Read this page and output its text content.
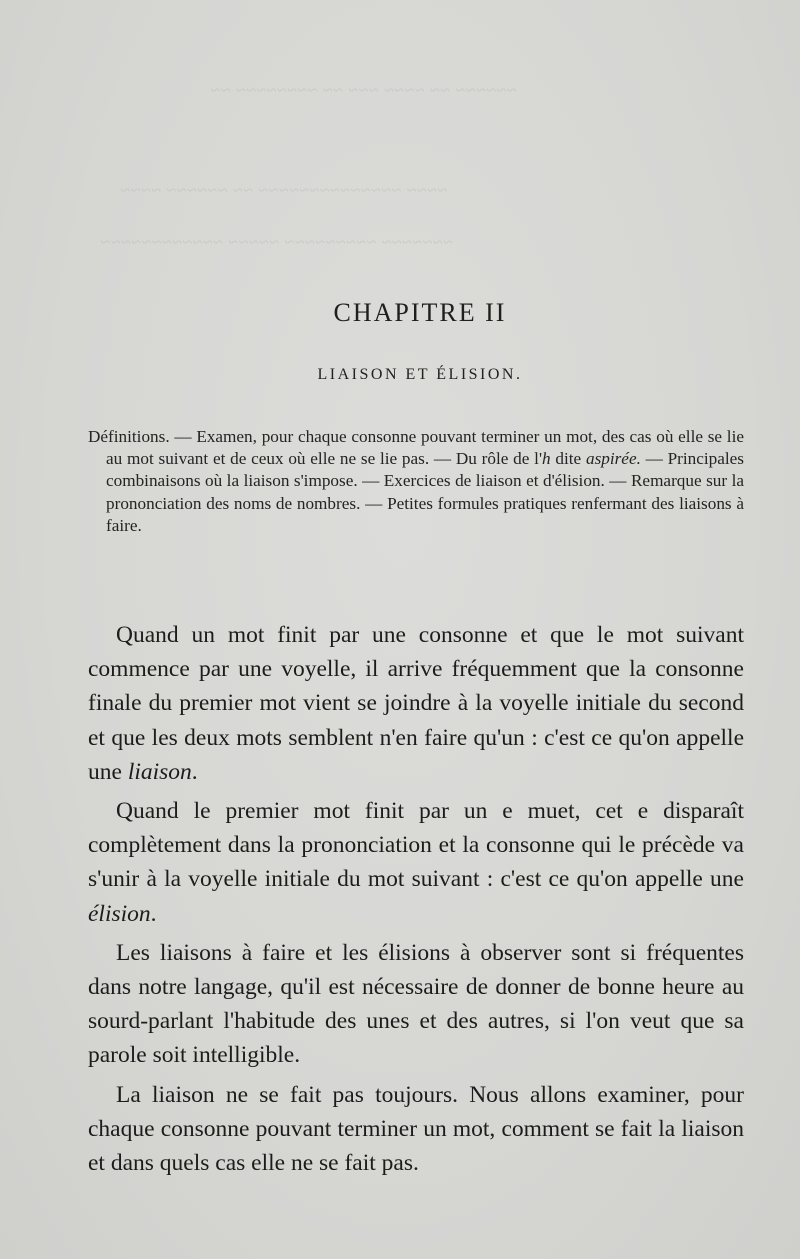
~~~~~~ ~~ ~~~~ ~~~ ~~ ~~~~~~~~ ~~
~~~~ ~~~~~~~~~~~~~~ ~~ ~~~~~~ ~~~~
~~~~~~~ ~~~~~~~~~ ~~~~~ ~~~~~~~~~~~~
CHAPITRE II
LIAISON ET ÉLISION.

Définitions. — Examen, pour chaque consonne pouvant terminer un mot, des cas où elle se lie au mot suivant et de ceux où elle ne se lie pas. — Du rôle de l'h dite aspirée. — Principales combinaisons où la liaison s'impose. — Exercices de liaison et d'élision. — Remarque sur la prononciation des noms de nombres. — Petites formules pratiques renfermant des liaisons à faire.

Quand un mot finit par une consonne et que le mot suivant commence par une voyelle, il arrive fréquemment que la consonne finale du premier mot vient se joindre à la voyelle initiale du second et que les deux mots semblent n'en faire qu'un : c'est ce qu'on appelle une liaison.

Quand le premier mot finit par un e muet, cet e disparaît complètement dans la prononciation et la consonne qui le précède va s'unir à la voyelle initiale du mot suivant : c'est ce qu'on appelle une élision.

Les liaisons à faire et les élisions à observer sont si fréquentes dans notre langage, qu'il est nécessaire de donner de bonne heure au sourd-parlant l'habitude des unes et des autres, si l'on veut que sa parole soit intelligible.

La liaison ne se fait pas toujours. Nous allons examiner, pour chaque consonne pouvant terminer un mot, comment se fait la liaison et dans quels cas elle ne se fait pas.
